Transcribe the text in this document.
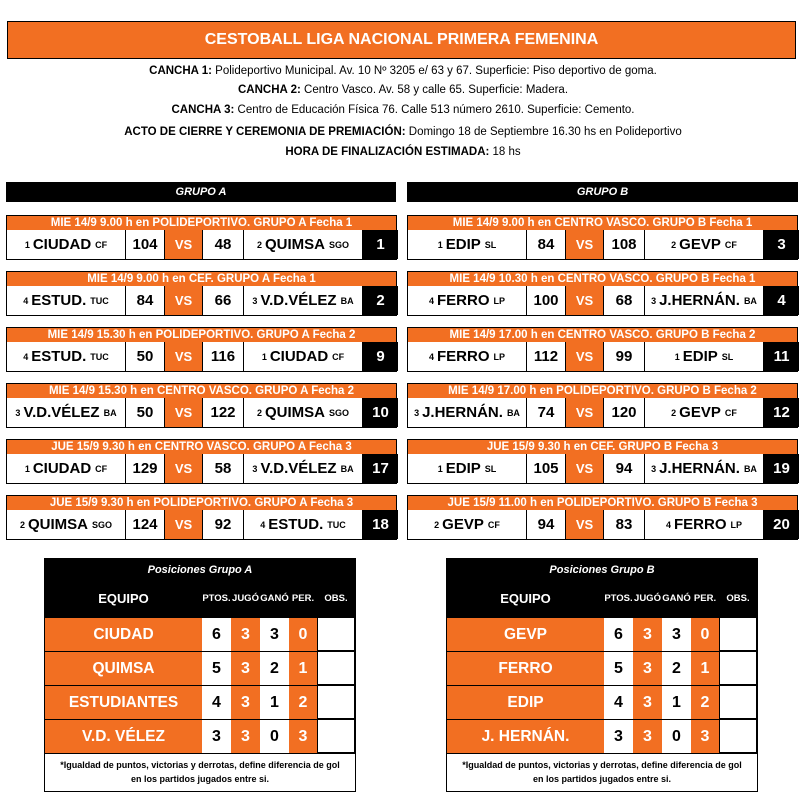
CESTOBALL LIGA NACIONAL PRIMERA FEMENINA
CANCHA 1: Polideportivo Municipal. Av. 10 Nº 3205 e/ 63 y 67. Superficie: Piso deportivo de goma.
CANCHA 2: Centro Vasco. Av. 58 y calle 65. Superficie: Madera.
CANCHA 3: Centro de Educación Física 76. Calle 513 número 2610. Superficie: Cemento.
ACTO DE CIERRE Y CEREMONIA DE PREMIACIÓN: Domingo 18 de Septiembre 16.30 hs en Polideportivo
HORA DE FINALIZACIÓN ESTIMADA: 18 hs
GRUPO A	GRUPO B
MIE 14/9 9.00 h en POLIDEPORTIVO. GRUPO A Fecha 1
1 CIUDAD CF	104	VS	48	2 QUIMSA SGO	1
MIE 14/9 9.00 h en CEF. GRUPO A Fecha 1
4 ESTUD. TUC	84	VS	66	3 V.D.VÉLEZ BA	2
MIE 14/9 15.30 h en POLIDEPORTIVO. GRUPO A Fecha 2
4 ESTUD. TUC	50	VS	116	1 CIUDAD CF	9
MIE 14/9 15.30 h en CENTRO VASCO. GRUPO A Fecha 2
3 V.D.VÉLEZ BA	50	VS	122	2 QUIMSA SGO	10
JUE 15/9 9.30 h en CENTRO VASCO. GRUPO A Fecha 3
1 CIUDAD CF	129	VS	58	3 V.D.VÉLEZ BA	17
JUE 15/9 9.30 h en POLIDEPORTIVO. GRUPO A Fecha 3
2 QUIMSA SGO	124	VS	92	4 ESTUD. TUC	18
MIE 14/9 9.00 h en CENTRO VASCO. GRUPO B Fecha 1
1 EDIP SL	84	VS	108	2 GEVP CF	3
MIE 14/9 10.30 h en CENTRO VASCO. GRUPO B Fecha 1
4 FERRO LP	100	VS	68	3 J.HERNÁN. BA	4
MIE 14/9 17.00 h en CENTRO VASCO. GRUPO B Fecha 2
4 FERRO LP	112	VS	99	1 EDIP SL	11
MIE 14/9 17.00 h en POLIDEPORTIVO. GRUPO B Fecha 2
3 J.HERNÁN. BA	74	VS	120	2 GEVP CF	12
JUE 15/9 9.30 h en CEF. GRUPO B Fecha 3
1 EDIP SL	105	VS	94	3 J.HERNÁN. BA	19
JUE 15/9 11.00 h en POLIDEPORTIVO. GRUPO B Fecha 3
2 GEVP CF	94	VS	83	4 FERRO LP	20
Posiciones Grupo A
EQUIPO	PTOS. JUGÓ GANÓ PER.	OBS.
CIUDAD	6	3	3	0
QUIMSA	5	3	2	1
ESTUDIANTES	4	3	1	2
V.D. VÉLEZ	3	3	0	3
*Igualdad de puntos, victorias y derrotas, define diferencia de gol
en los partidos jugados entre si.
Posiciones Grupo B
EQUIPO	PTOS. JUGÓ GANÓ PER.	OBS.
GEVP	6	3	3	0
FERRO	5	3	2	1
EDIP	4	3	1	2
J. HERNÁN.	3	3	0	3
*Igualdad de puntos, victorias y derrotas, define diferencia de gol
en los partidos jugados entre si.
